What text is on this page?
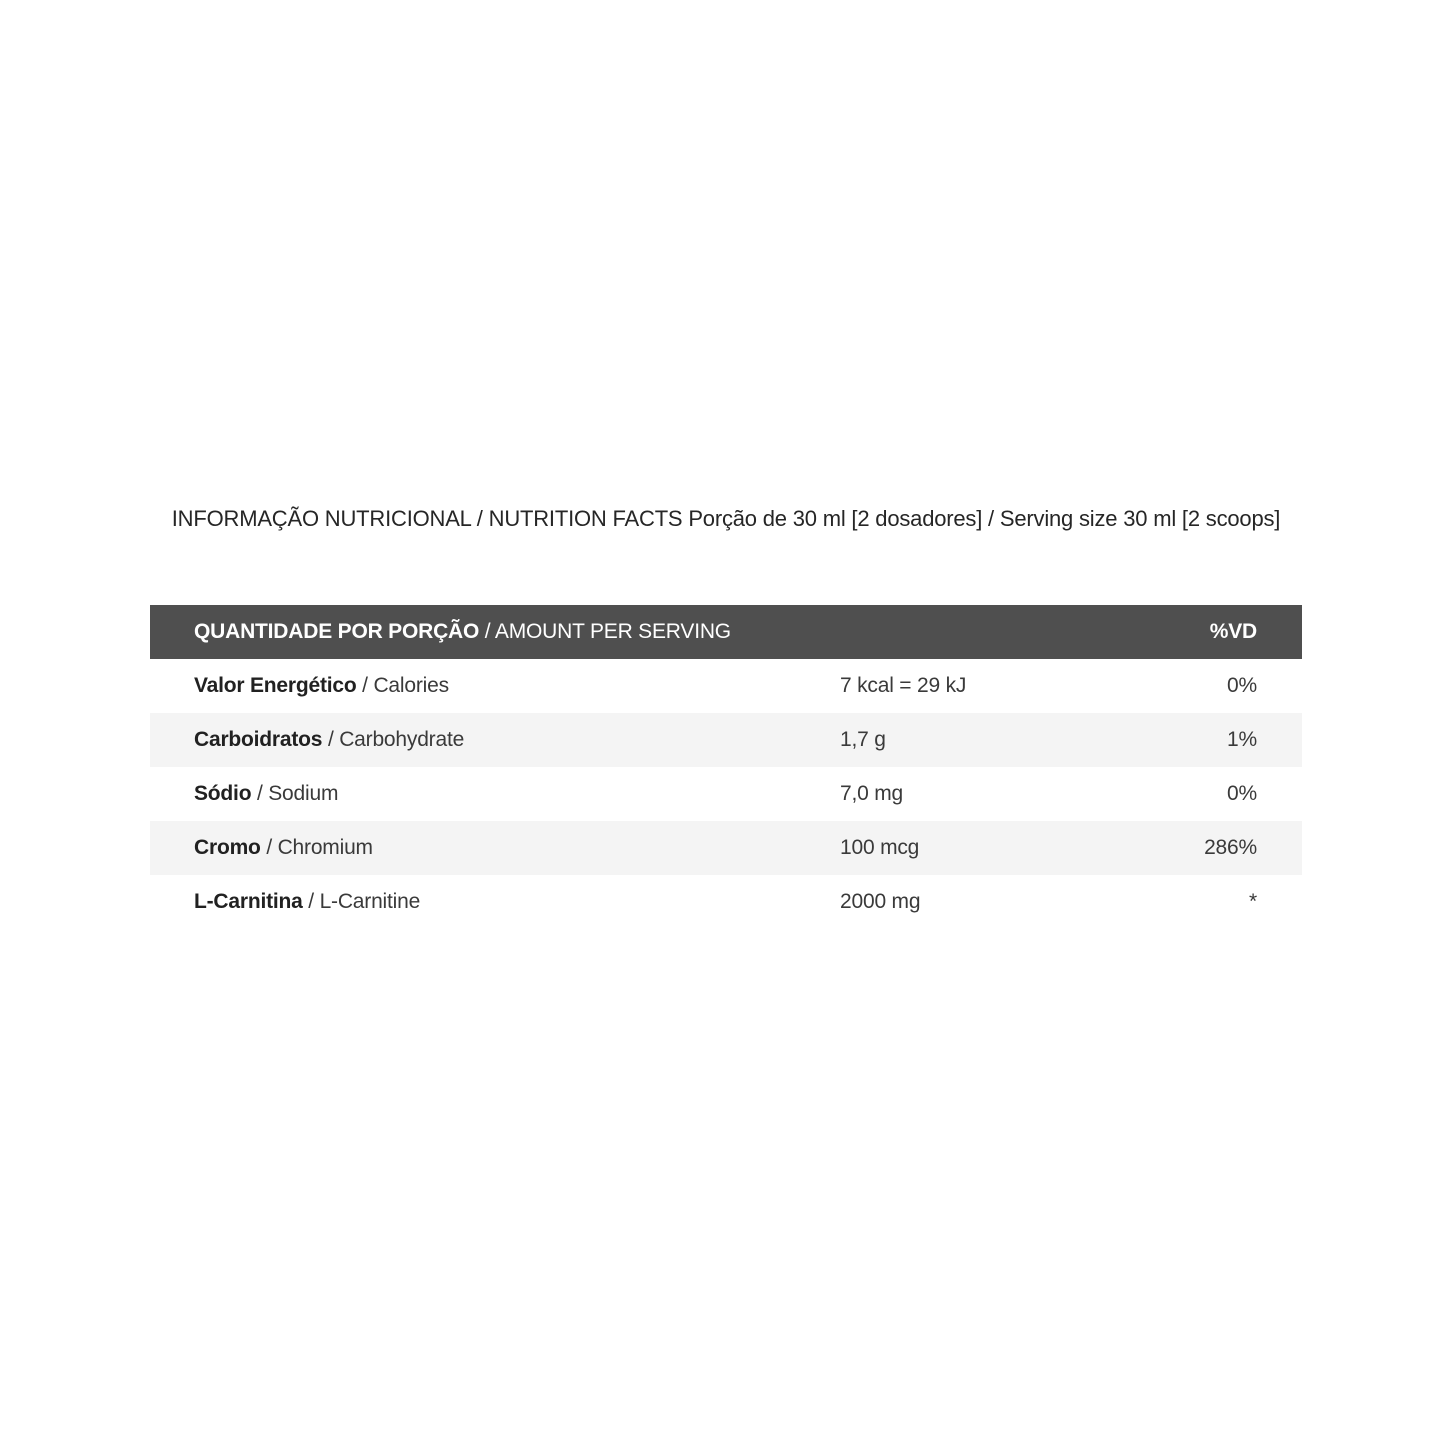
INFORMAÇÃO NUTRICIONAL / NUTRITION FACTS Porção de 30 ml [2 dosadores] / Serving size 30 ml [2 scoops]
QUANTIDADE POR PORÇÃO / AMOUNT PER SERVING	%VD
Valor Energético / Calories	7 kcal = 29 kJ	0%
Carboidratos / Carbohydrate	1,7 g	1%
Sódio / Sodium	7,0 mg	0%
Cromo / Chromium	100 mcg	286%
L-Carnitina / L-Carnitine	2000 mg	*
